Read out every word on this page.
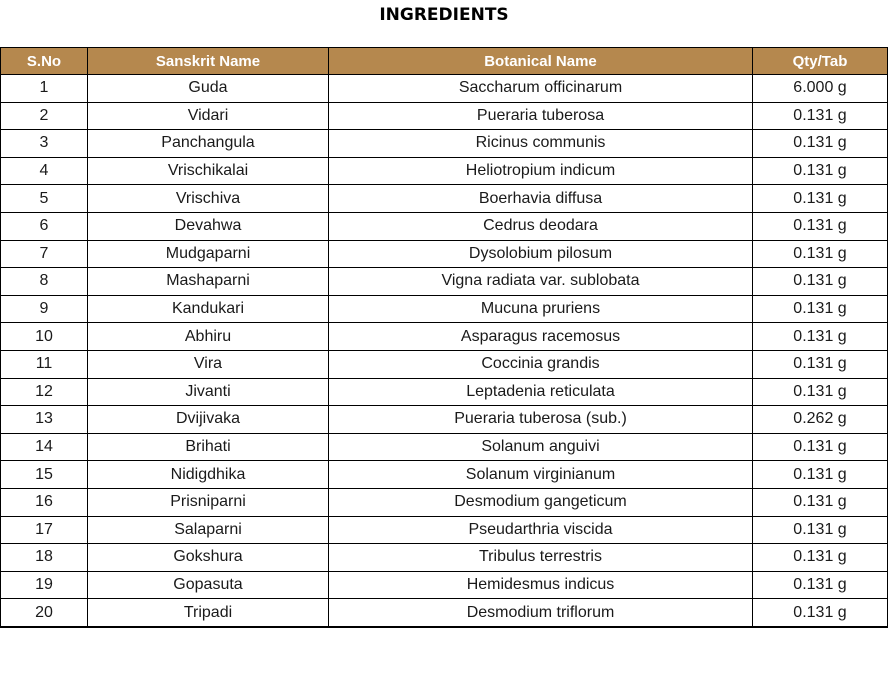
INGREDIENTS
S.No	Sanskrit Name	Botanical Name	Qty/Tab
1	Guda	Saccharum officinarum	6.000 g
2	Vidari	Pueraria tuberosa	0.131 g
3	Panchangula	Ricinus communis	0.131 g
4	Vrischikalai	Heliotropium indicum	0.131 g
5	Vrischiva	Boerhavia diffusa	0.131 g
6	Devahwa	Cedrus deodara	0.131 g
7	Mudgaparni	Dysolobium pilosum	0.131 g
8	Mashaparni	Vigna radiata var. sublobata	0.131 g
9	Kandukari	Mucuna pruriens	0.131 g
10	Abhiru	Asparagus racemosus	0.131 g
11	Vira	Coccinia grandis	0.131 g
12	Jivanti	Leptadenia reticulata	0.131 g
13	Dvijivaka	Pueraria tuberosa (sub.)	0.262 g
14	Brihati	Solanum anguivi	0.131 g
15	Nidigdhika	Solanum virginianum	0.131 g
16	Prisniparni	Desmodium gangeticum	0.131 g
17	Salaparni	Pseudarthria viscida	0.131 g
18	Gokshura	Tribulus terrestris	0.131 g
19	Gopasuta	Hemidesmus indicus	0.131 g
20	Tripadi	Desmodium triflorum	0.131 g
